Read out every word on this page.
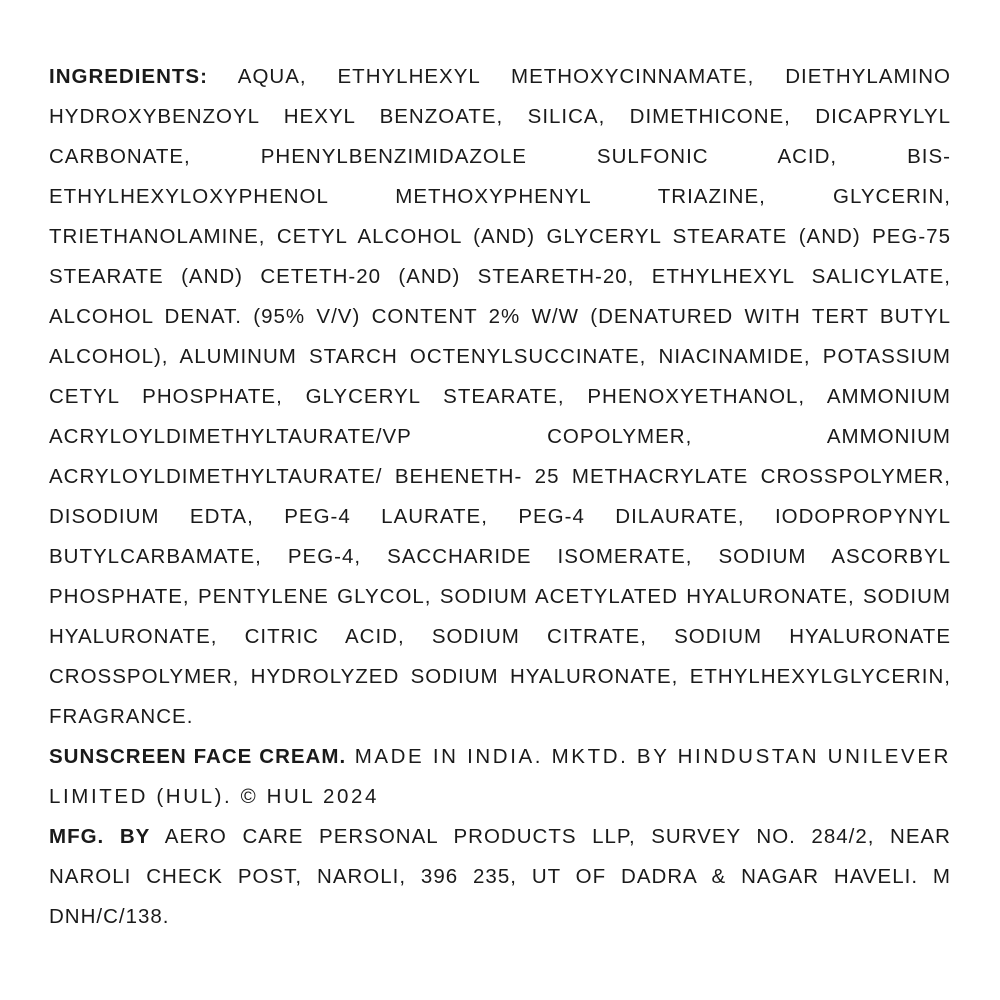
INGREDIENTS: AQUA, ETHYLHEXYL METHOXYCINNAMATE, DIETHYLAMINO HYDROXYBENZOYL HEXYL BENZOATE, SILICA, DIMETHICONE, DICAPRYLYL CARBONATE, PHENYLBENZIMIDAZOLE SULFONIC ACID, BIS-ETHYLHEXYLOXYPHENOL METHOXYPHENYL TRIAZINE, GLYCERIN, TRIETHANOLAMINE, CETYL ALCOHOL (AND) GLYCERYL STEARATE (AND) PEG-75 STEARATE (AND) CETETH-20 (AND) STEARETH-20, ETHYLHEXYL SALICYLATE, ALCOHOL DENAT. (95% V/V) CONTENT 2% W/W (DENATURED WITH TERT BUTYL ALCOHOL), ALUMINUM STARCH OCTENYLSUCCINATE, NIACINAMIDE, POTASSIUM CETYL PHOSPHATE, GLYCERYL STEARATE, PHENOXYETHANOL, AMMONIUM ACRYLOYLDIMETHYLTAURATE/VP COPOLYMER, AMMONIUM ACRYLOYLDIMETHYLTAURATE/ BEHENETH- 25 METHACRYLATE CROSSPOLYMER, DISODIUM EDTA, PEG-4 LAURATE, PEG-4 DILAURATE, IODOPROPYNYL BUTYLCARBAMATE, PEG-4, SACCHARIDE ISOMERATE, SODIUM ASCORBYL PHOSPHATE, PENTYLENE GLYCOL, SODIUM ACETYLATED HYALURONATE, SODIUM HYALURONATE, CITRIC ACID, SODIUM CITRATE, SODIUM HYALURONATE CROSSPOLYMER, HYDROLYZED SODIUM HYALURONATE, ETHYLHEXYLGLYCERIN, FRAGRANCE.

SUNSCREEN FACE CREAM. MADE IN INDIA. MKTD. BY HINDUSTAN UNILEVER LIMITED (HUL). © HUL 2024

MFG. BY AERO CARE PERSONAL PRODUCTS LLP, SURVEY NO. 284/2, NEAR NAROLI CHECK POST, NAROLI, 396 235, UT OF DADRA & NAGAR HAVELI. M DNH/C/138.
